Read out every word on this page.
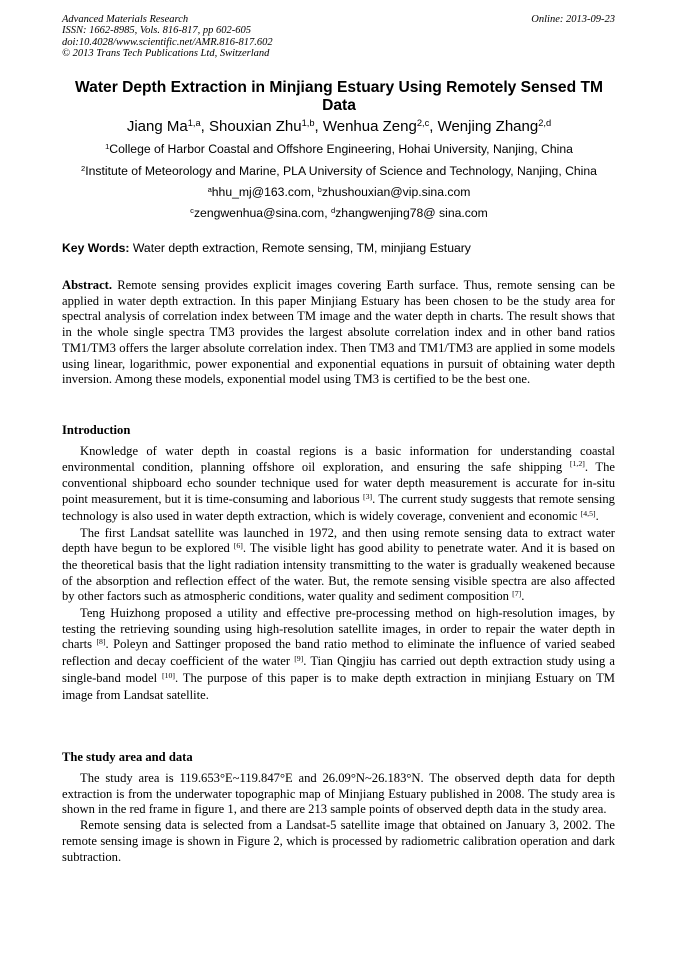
Advanced Materials Research
ISSN: 1662-8985, Vols. 816-817, pp 602-605
doi:10.4028/www.scientific.net/AMR.816-817.602
© 2013 Trans Tech Publications Ltd, Switzerland
Online: 2013-09-23
Water Depth Extraction in Minjiang Estuary Using Remotely Sensed TM Data
Jiang Ma$^{1,a}$, Shouxian Zhu$^{1,b}$, Wenhua Zeng$^{2,c}$, Wenjing Zhang$^{2,d}$
$^1$College of Harbor Coastal and Offshore Engineering, Hohai University, Nanjing, China
$^2$Institute of Meteorology and Marine, PLA University of Science and Technology, Nanjing, China
$^a$hhu_mj@163.com, $^b$zhushouxian@vip.sina.com
$^c$zengwenhua@sina.com, $^d$zhangwenjing78@ sina.com
Key Words: Water depth extraction, Remote sensing, TM, minjiang Estuary

Abstract. Remote sensing provides explicit images covering Earth surface. Thus, remote sensing can be applied in water depth extraction. In this paper Minjiang Estuary has been chosen to be the study area for spectral analysis of correlation index between TM image and the water depth in charts. The result shows that in the whole single spectra TM3 provides the largest absolute correlation index and in other band ratios TM1/TM3 offers the larger absolute correlation index. Then TM3 and TM1/TM3 are applied in some models using linear, logarithmic, power exponential and exponential equations in pursuit of obtaining water depth inversion. Among these models, exponential model using TM3 is certified to be the best one.

Introduction

Knowledge of water depth in coastal regions is a basic information for understanding coastal environmental condition, planning offshore oil exploration, and ensuring the safe shipping [1,2]. The conventional shipboard echo sounder technique used for water depth measurement is accurate for in-situ point measurement, but it is time-consuming and laborious [3]. The current study suggests that remote sensing technology is also used in water depth extraction, which is widely coverage, convenient and economic [4,5].

The first Landsat satellite was launched in 1972, and then using remote sensing data to extract water depth have begun to be explored [6]. The visible light has good ability to penetrate water. And it is based on the theoretical basis that the light radiation intensity transmitting to the water is gradually weakened because of the absorption and reflection effect of the water. But, the remote sensing visible spectra are also affected by other factors such as atmospheric conditions, water quality and sediment composition [7].

Teng Huizhong proposed a utility and effective pre-processing method on high-resolution images, by testing the retrieving sounding using high-resolution satellite images, in order to repair the water depth in charts [8]. Poleyn and Sattinger proposed the band ratio method to eliminate the influence of varied seabed reflection and decay coefficient of the water [9]. Tian Qingjiu has carried out depth extraction study using a single-band model [10]. The purpose of this paper is to make depth extraction in minjiang Estuary on TM image from Landsat satellite.

The study area and data

The study area is 119.653°E~119.847°E and 26.09°N~26.183°N. The observed depth data for depth extraction is from the underwater topographic map of Minjiang Estuary published in 2008. The study area is shown in the red frame in figure 1, and there are 213 sample points of observed depth data in the study area.

Remote sensing data is selected from a Landsat-5 satellite image that obtained on January 3, 2002. The remote sensing image is shown in Figure 2, which is processed by radiometric calibration operation and dark subtraction.
